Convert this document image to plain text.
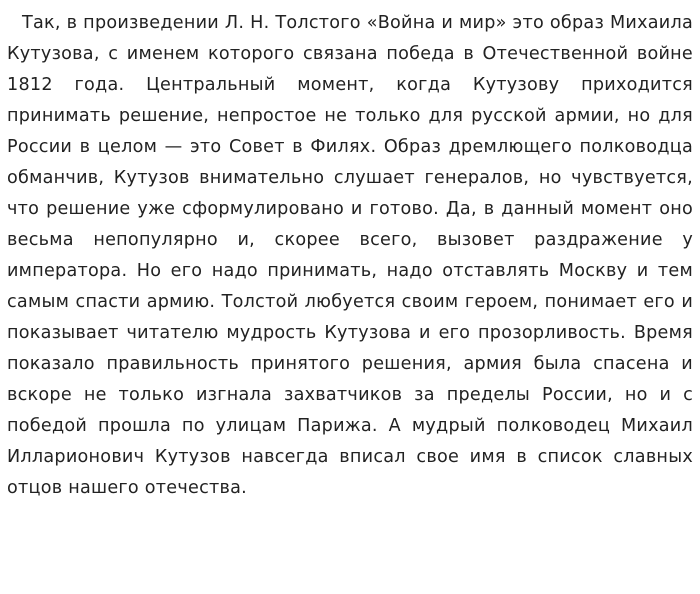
Так, в произведении Л. Н. Толстого «Война и мир» это образ Михаила Кутузова, с именем которого связана победа в Отечественной войне 1812 года. Центральный момент, когда Кутузову приходится принимать решение, непростое не только для русской армии, но для России в целом — это Совет в Филях. Образ дремлющего полководца обманчив, Кутузов внимательно слушает генералов, но чувствуется, что решение уже сформулировано и готово. Да, в данный момент оно весьма непопулярно и, скорее всего, вызовет раздражение у императора. Но его надо принимать, надо отставлять Москву и тем самым спасти армию. Толстой любуется своим героем, понимает его и показывает читателю мудрость Кутузова и его прозорливость. Время показало правильность принятого решения, армия была спасена и вскоре не только изгнала захватчиков за пределы России, но и с победой прошла по улицам Парижа. А мудрый полководец Михаил Илларионович Кутузов навсегда вписал свое имя в список славных отцов нашего отечества.
